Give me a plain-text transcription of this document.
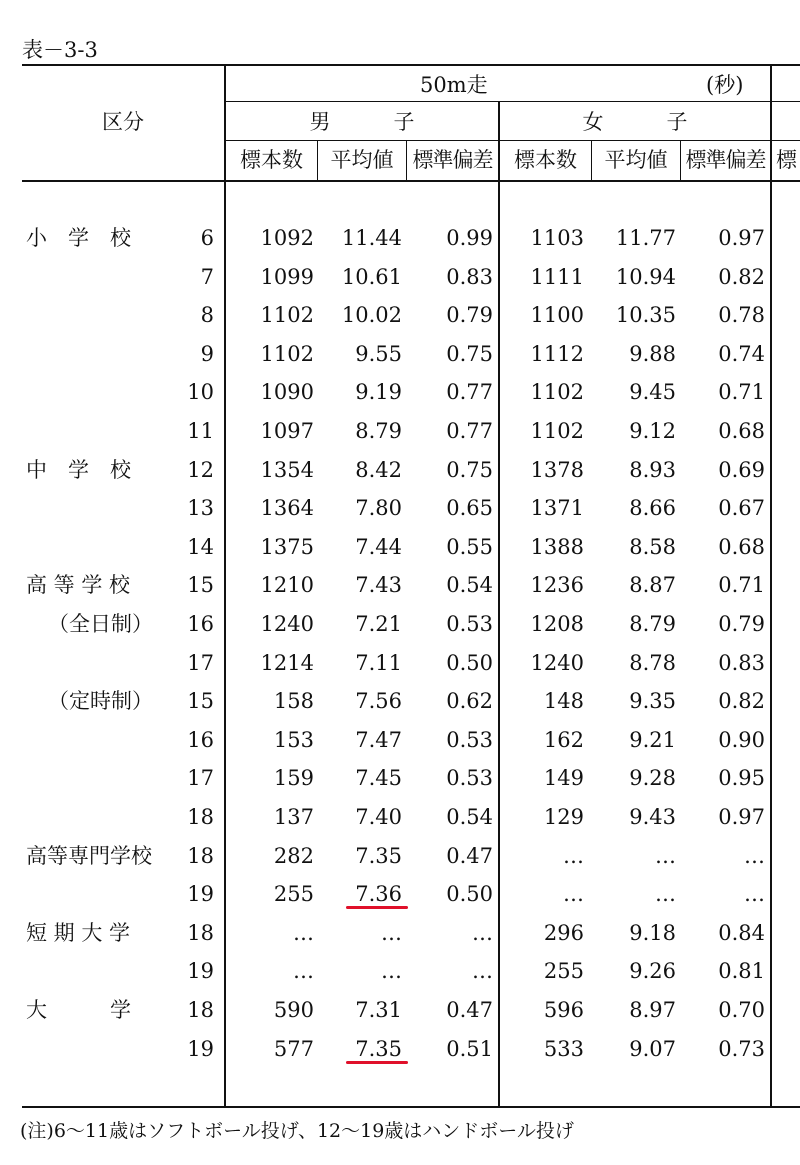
表－3-3
区分
50m走	(秒)
男　　　子	女　　　子
標本数	平均値 標準偏差	標本数	平均値 標準偏差 標
小　学　校	6	1092	11.44	0.99	1103	11.77	0.97
7	1099	10.61	0.83	1111	10.94	0.82
8	1102	10.02	0.79	1100	10.35	0.78
9	1102	9.55	0.75	1112	9.88	0.74
10	1090	9.19	0.77	1102	9.45	0.71
11	1097	8.79	0.77	1102	9.12	0.68
中　学　校	12	1354	8.42	0.75	1378	8.93	0.69
13	1364	7.80	0.65	1371	8.66	0.67
14	1375	7.44	0.55	1388	8.58	0.68
高 等 学 校	15	1210	7.43	0.54	1236	8.87	0.71
（全日制）	16	1240	7.21	0.53	1208	8.79	0.79
17	1214	7.11	0.50	1240	8.78	0.83
（定時制）	15	158	7.56	0.62	148	9.35	0.82
16	153	7.47	0.53	162	9.21	0.90
17	159	7.45	0.53	149	9.28	0.95
18	137	7.40	0.54	129	9.43	0.97
高等専門学校	18	282	7.35	0.47	…	…	…
19	255	7.36	0.50	…	…	…
短 期 大 学	18	…	…	…	296	9.18	0.84
19	…	…	…	255	9.26	0.81
大　　　学	18	590	7.31	0.47	596	8.97	0.70
19	577	7.35	0.51	533	9.07	0.73
(注)6～11歳はソフトボール投げ、12～19歳はハンドボール投げ
